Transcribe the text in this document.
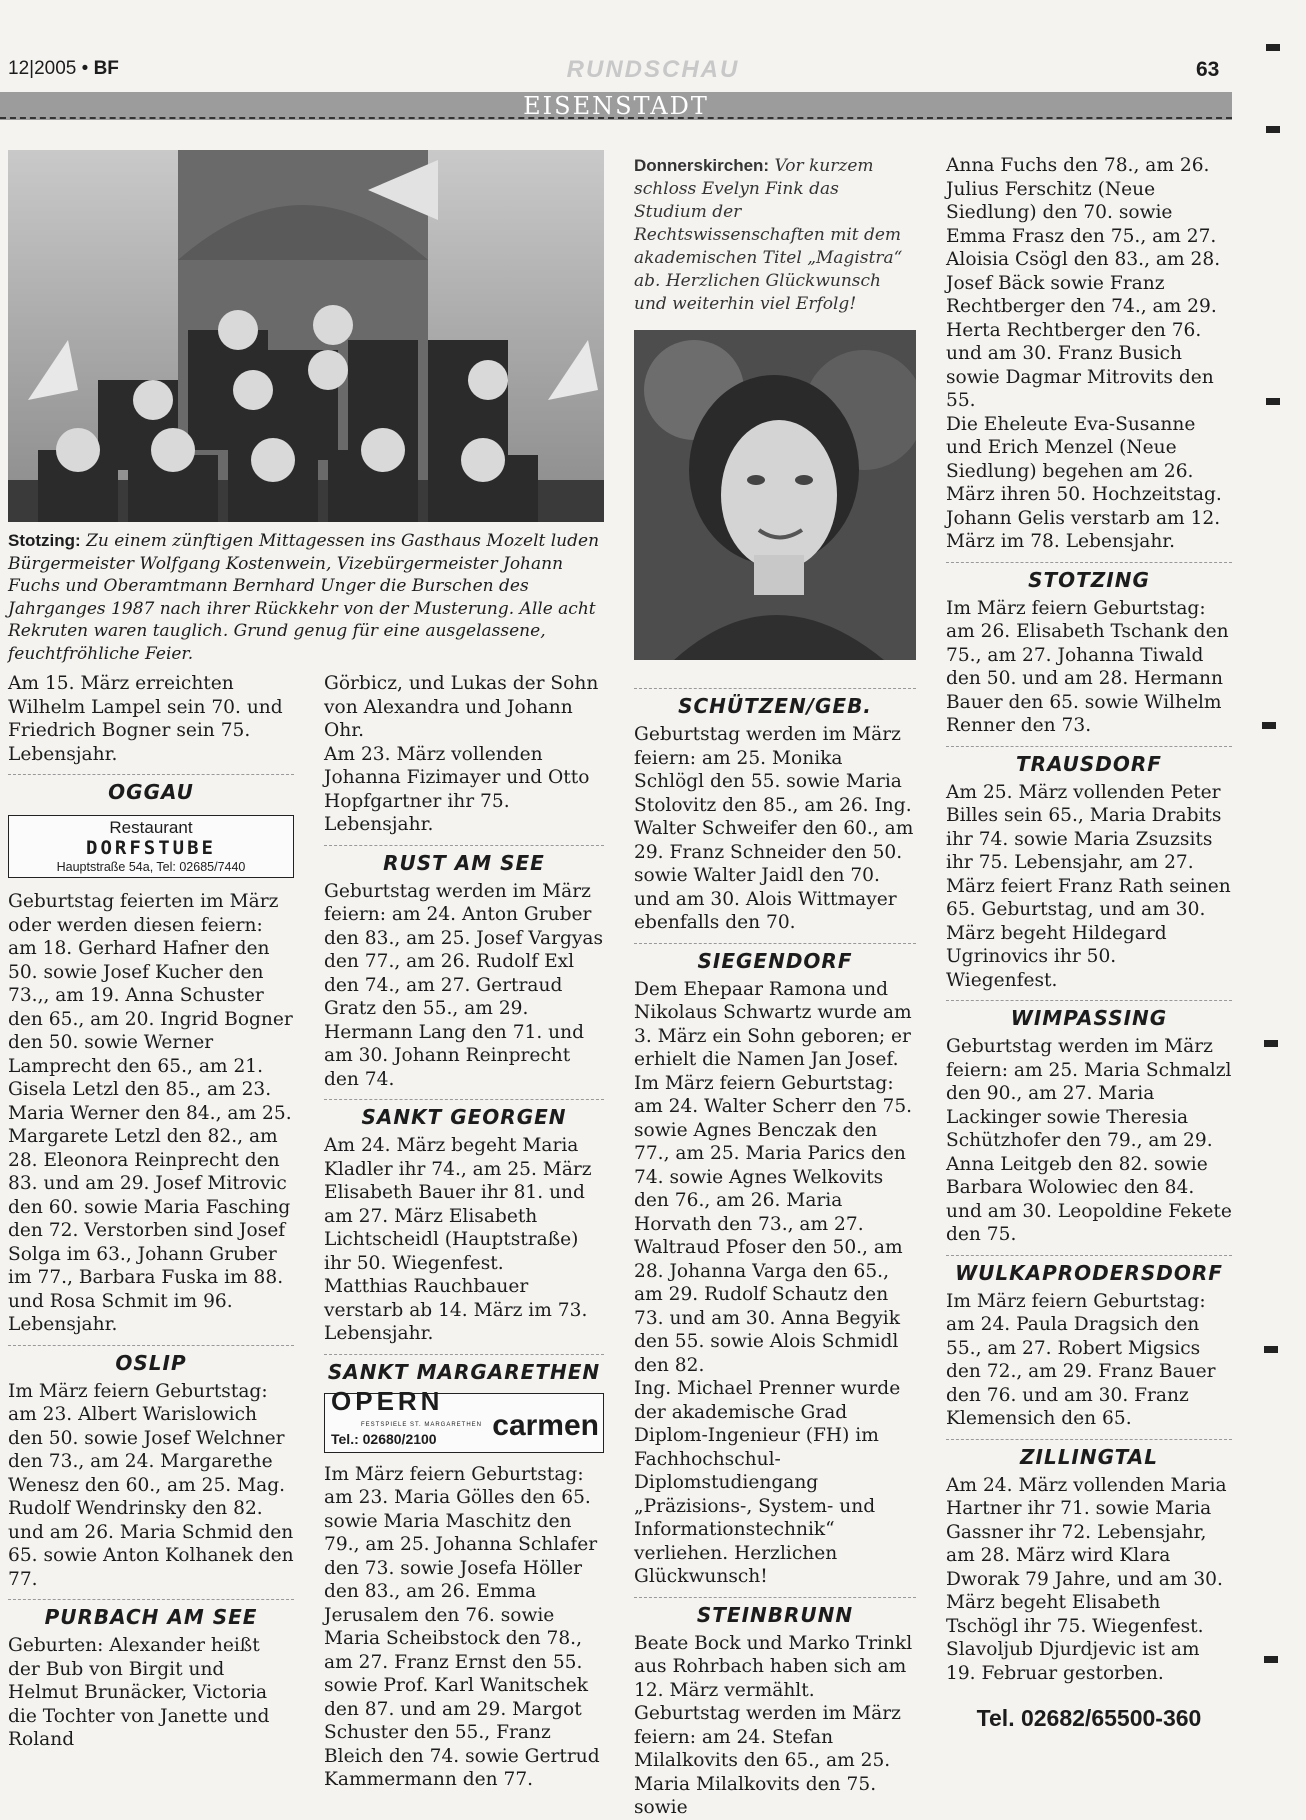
12|2005 • BF	RUNDSCHAU	63
EISENSTADT
Stotzing: Zu einem zünftigen Mittagessen ins Gasthaus Mozelt luden Bürgermeister Wolfgang Kostenwein, Vizebürgermeister Johann Fuchs und Oberamtmann Bernhard Unger die Burschen des Jahrganges 1987 nach ihrer Rückkehr von der Musterung. Alle acht Rekruten waren tauglich. Grund genug für eine ausgelassene, feuchtfröhliche Feier.
Donnerskirchen: Vor kurzem schloss Evelyn Fink das Studium der Rechtswissenschaften mit dem akademischen Titel „Magistra“ ab. Herzlichen Glückwunsch und weiterhin viel Erfolg!

Am 15. März erreichten Wilhelm Lampel sein 70. und Friedrich Bogner sein 75. Lebensjahr.

OGGAU
Restaurant
DORFSTUBE
Hauptstraße 54a, Tel: 02685/7440

Geburtstag feierten im März oder werden diesen feiern: am 18. Gerhard Hafner den 50. sowie Josef Kucher den 73.,, am 19. Anna Schuster den 65., am 20. Ingrid Bogner den 50. sowie Werner Lamprecht den 65., am 21. Gisela Letzl den 85., am 23. Maria Werner den 84., am 25. Margarete Letzl den 82., am 28. Eleonora Reinprecht den 83. und am 29. Josef Mitrovic den 60. sowie Maria Fasching den 72. Verstorben sind Josef Solga im 63., Johann Gruber im 77., Barbara Fuska im 88. und Rosa Schmit im 96. Lebensjahr.

OSLIP

Im März feiern Geburtstag: am 23. Albert Warislowich den 50. sowie Josef Welchner den 73., am 24. Margarethe Wenesz den 60., am 25. Mag. Rudolf Wendrinsky den 82. und am 26. Maria Schmid den 65. sowie Anton Kolhanek den 77.

PURBACH AM SEE

Geburten: Alexander heißt der Bub von Birgit und Helmut Brunäcker, Victoria die Tochter von Janette und Roland

Görbicz, und Lukas der Sohn von Alexandra und Johann Ohr.

Am 23. März vollenden Johanna Fizimayer und Otto Hopfgartner ihr 75. Lebensjahr.

RUST AM SEE

Geburtstag werden im März feiern: am 24. Anton Gruber den 83., am 25. Josef Vargyas den 77., am 26. Rudolf Exl den 74., am 27. Gertraud Gratz den 55., am 29. Hermann Lang den 71. und am 30. Johann Reinprecht den 74.

SANKT GEORGEN

Am 24. März begeht Maria Kladler ihr 74., am 25. März Elisabeth Bauer ihr 81. und am 27. März Elisabeth Lichtscheidl (Hauptstraße) ihr 50. Wiegenfest.

Matthias Rauchbauer verstarb ab 14. März im 73. Lebensjahr.

SANKT MARGARETHEN
OPERN
FESTSPIELE ST. MARGARETHEN
Tel.: 02680/2100 carmen

Im März feiern Geburtstag: am 23. Maria Gölles den 65. sowie Maria Maschitz den 79., am 25. Johanna Schlafer den 73. sowie Josefa Höller den 83., am 26. Emma Jerusalem den 76. sowie Maria Scheibstock den 78., am 27. Franz Ernst den 55. sowie Prof. Karl Wanitschek den 87. und am 29. Margot Schuster den 55., Franz Bleich den 74. sowie Gertrud Kammermann den 77.

SCHÜTZEN/GEB.

Geburtstag werden im März feiern: am 25. Monika Schlögl den 55. sowie Maria Stolovitz den 85., am 26. Ing. Walter Schweifer den 60., am 29. Franz Schneider den 50. sowie Walter Jaidl den 70. und am 30. Alois Wittmayer ebenfalls den 70.

SIEGENDORF

Dem Ehepaar Ramona und Nikolaus Schwartz wurde am 3. März ein Sohn geboren; er erhielt die Namen Jan Josef.

Im März feiern Geburtstag: am 24. Walter Scherr den 75. sowie Agnes Benczak den 77., am 25. Maria Parics den 74. sowie Agnes Welkovits den 76., am 26. Maria Horvath den 73., am 27. Waltraud Pfoser den 50., am 28. Johanna Varga den 65., am 29. Rudolf Schautz den 73. und am 30. Anna Begyik den 55. sowie Alois Schmidl den 82.

Ing. Michael Prenner wurde der akademische Grad Diplom-Ingenieur (FH) im Fachhochschul-Diplomstudiengang „Präzisions-, System- und Informationstechnik“ verliehen. Herzlichen Glückwunsch!

STEINBRUNN

Beate Bock und Marko Trinkl aus Rohrbach haben sich am 12. März vermählt.

Geburtstag werden im März feiern: am 24. Stefan Milalkovits den 65., am 25. Maria Milalkovits den 75. sowie

Anna Fuchs den 78., am 26. Julius Ferschitz (Neue Siedlung) den 70. sowie Emma Frasz den 75., am 27. Aloisia Csögl den 83., am 28. Josef Bäck sowie Franz Rechtberger den 74., am 29. Herta Rechtberger den 76. und am 30. Franz Busich sowie Dagmar Mitrovits den 55.

Die Eheleute Eva-Susanne und Erich Menzel (Neue Siedlung) begehen am 26. März ihren 50. Hochzeitstag.

Johann Gelis verstarb am 12. März im 78. Lebensjahr.

STOTZING

Im März feiern Geburtstag: am 26. Elisabeth Tschank den 75., am 27. Johanna Tiwald den 50. und am 28. Hermann Bauer den 65. sowie Wilhelm Renner den 73.

TRAUSDORF

Am 25. März vollenden Peter Billes sein 65., Maria Drabits ihr 74. sowie Maria Zsuzsits ihr 75. Lebensjahr, am 27. März feiert Franz Rath seinen 65. Geburtstag, und am 30. März begeht Hildegard Ugrinovics ihr 50. Wiegenfest.

WIMPASSING

Geburtstag werden im März feiern: am 25. Maria Schmalzl den 90., am 27. Maria Lackinger sowie Theresia Schützhofer den 79., am 29. Anna Leitgeb den 82. sowie Barbara Wolowiec den 84. und am 30. Leopoldine Fekete den 75.

WULKAPRODERSDORF

Im März feiern Geburtstag: am 24. Paula Dragsich den 55., am 27. Robert Migsics den 72., am 29. Franz Bauer den 76. und am 30. Franz Klemensich den 65.

ZILLINGTAL

Am 24. März vollenden Maria Hartner ihr 71. sowie Maria Gassner ihr 72. Lebensjahr, am 28. März wird Klara Dworak 79 Jahre, und am 30. März begeht Elisabeth Tschögl ihr 75. Wiegenfest.

Slavoljub Djurdjevic ist am 19. Februar gestorben.

Tel. 02682/65500-360
